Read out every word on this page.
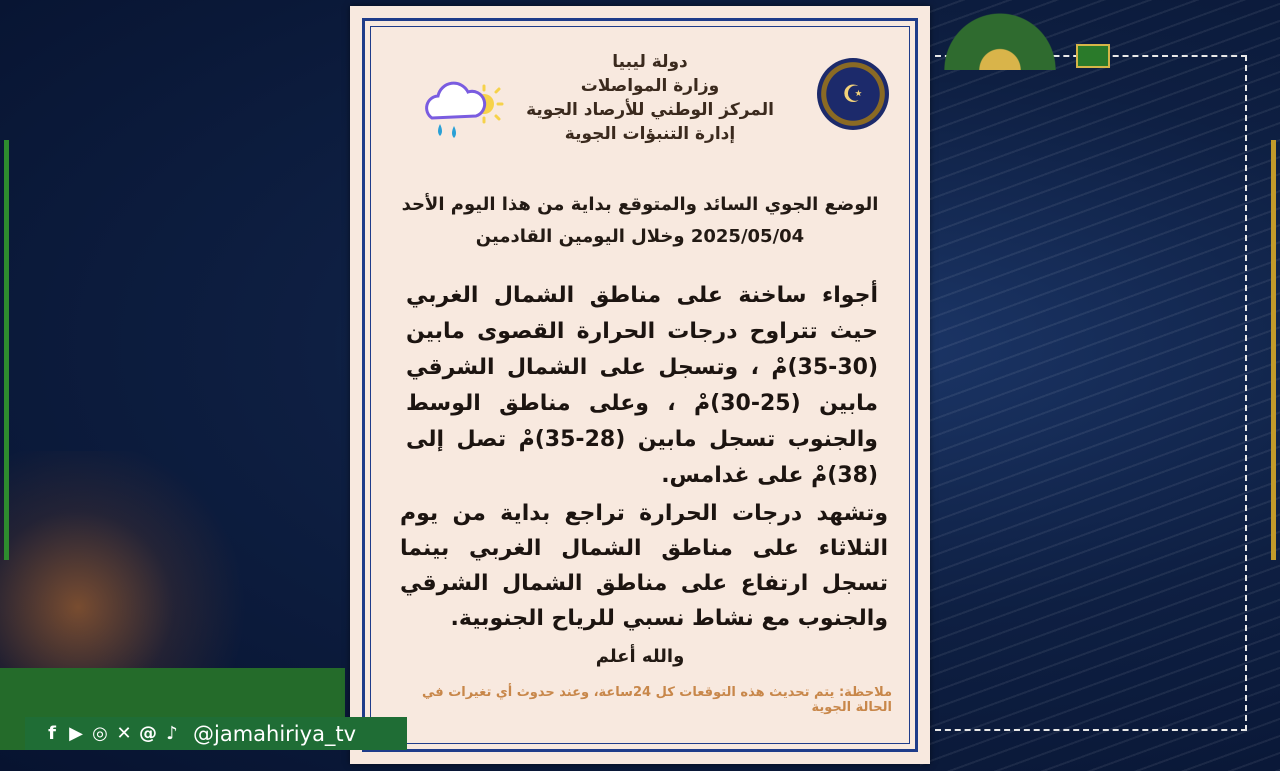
☪
دولة ليبيا
وزارة المواصلات
المركز الوطني للأرصاد الجوية
إدارة التنبؤات الجوية
الوضع الجوي السائد والمتوقع بداية من هذا اليوم الأحد
2025/05/04 وخلال اليومين القادمين
أجواء ساخنة على مناطق الشمال الغربي حيث تتراوح درجات الحرارة القصوى مابين (30-35)مْ ، وتسجل على الشمال الشرقي مابين (25-30)مْ ، وعلى مناطق الوسط والجنوب تسجل مابين (28-35)مْ تصل إلى (38)مْ على غدامس.
وتشهد درجات الحرارة تراجع بداية من يوم الثلاثاء على مناطق الشمال الغربي بينما تسجل ارتفاع على مناطق الشمال الشرقي والجنوب مع نشاط نسبي للرياح الجنوبية.
والله أعلم
ملاحظة: يتم تحديث هذه التوقعات كل 24ساعة، وعند حدوث أي تغيرات في الحالة الجوية
f ▶ ◎ ✕ @ ♪ @jamahiriya_tv
